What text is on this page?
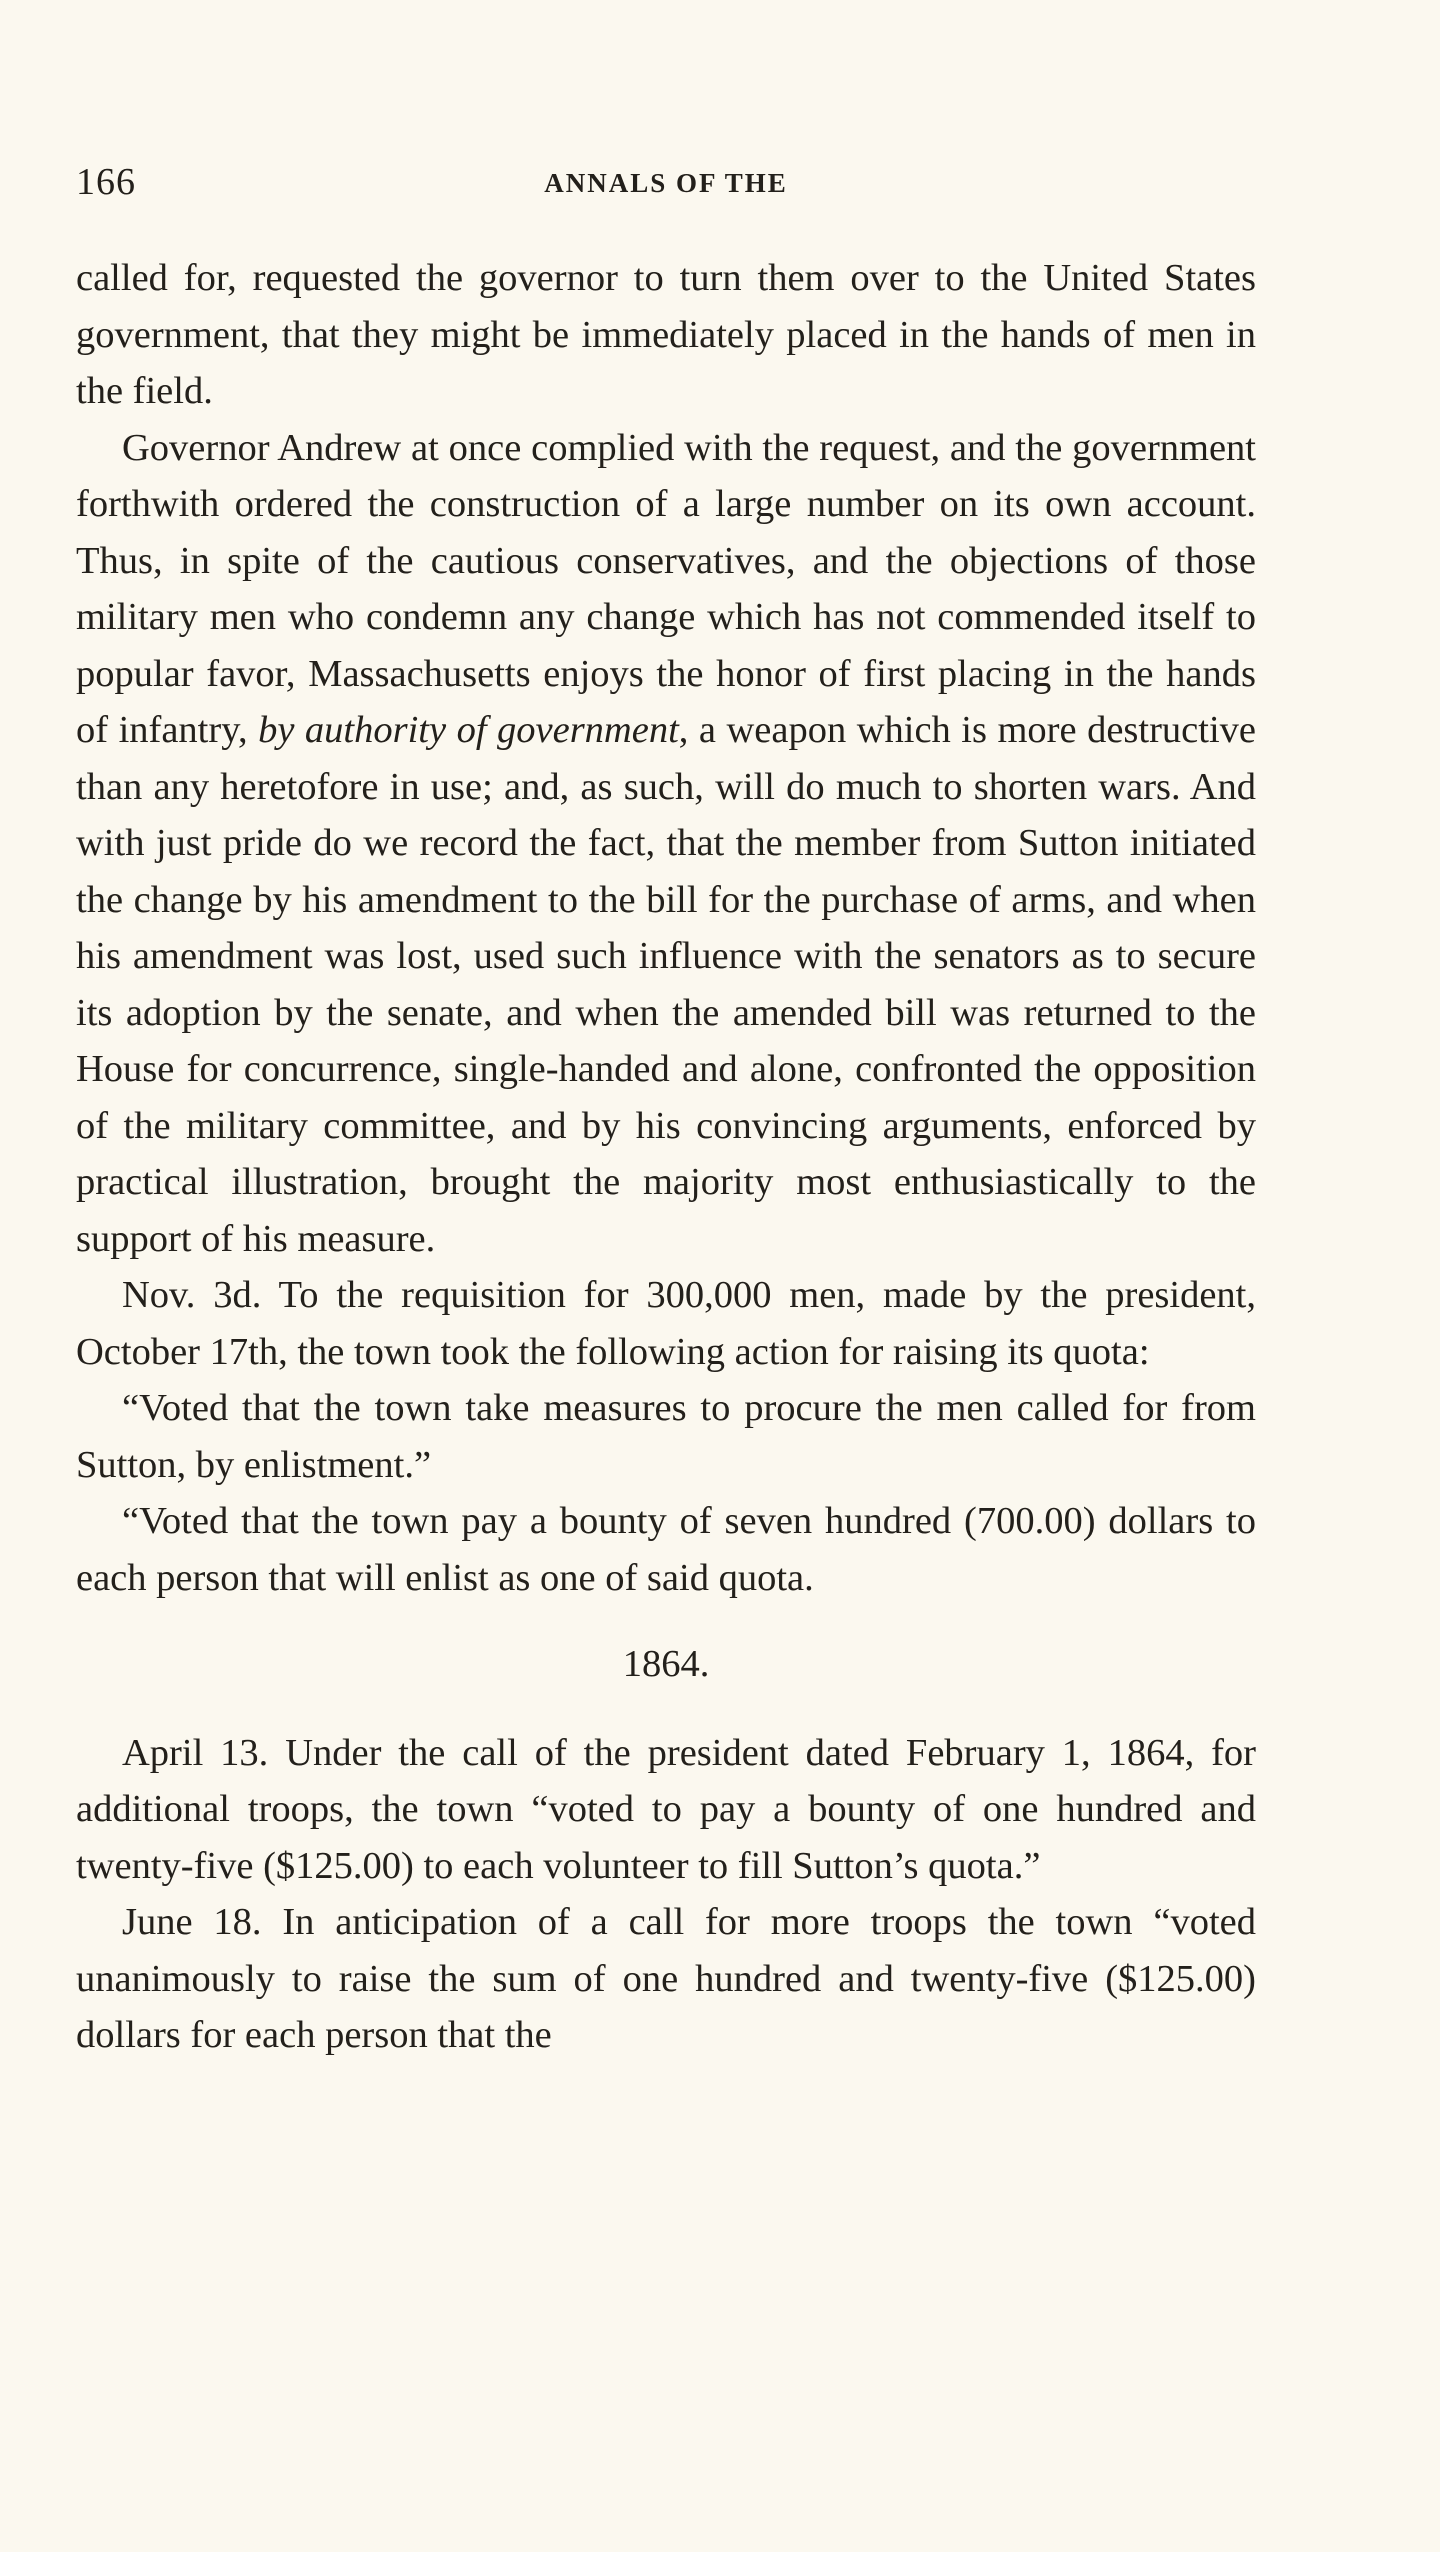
166	ANNALS OF THE

called for, requested the governor to turn them over to the United States government, that they might be immediately placed in the hands of men in the field.

Governor Andrew at once complied with the request, and the government forthwith ordered the construction of a large number on its own account. Thus, in spite of the cautious conservatives, and the objections of those military men who condemn any change which has not commended itself to popular favor, Massachusetts enjoys the honor of first placing in the hands of infantry, by authority of government, a weapon which is more destructive than any heretofore in use; and, as such, will do much to shorten wars. And with just pride do we record the fact, that the member from Sutton initiated the change by his amendment to the bill for the purchase of arms, and when his amendment was lost, used such influence with the senators as to secure its adoption by the senate, and when the amended bill was returned to the House for concurrence, single-handed and alone, confronted the opposition of the military committee, and by his convincing arguments, enforced by practical illustration, brought the majority most enthusiastically to the support of his measure.

Nov. 3d. To the requisition for 300,000 men, made by the president, October 17th, the town took the following action for raising its quota:

“Voted that the town take measures to procure the men called for from Sutton, by enlistment.”

“Voted that the town pay a bounty of seven hundred (700.00) dollars to each person that will enlist as one of said quota.

1864.

April 13. Under the call of the president dated February 1, 1864, for additional troops, the town “voted to pay a bounty of one hundred and twenty-five ($125.00) to each volunteer to fill Sutton’s quota.”

June 18. In anticipation of a call for more troops the town “voted unanimously to raise the sum of one hundred and twenty-five ($125.00) dollars for each person that the
